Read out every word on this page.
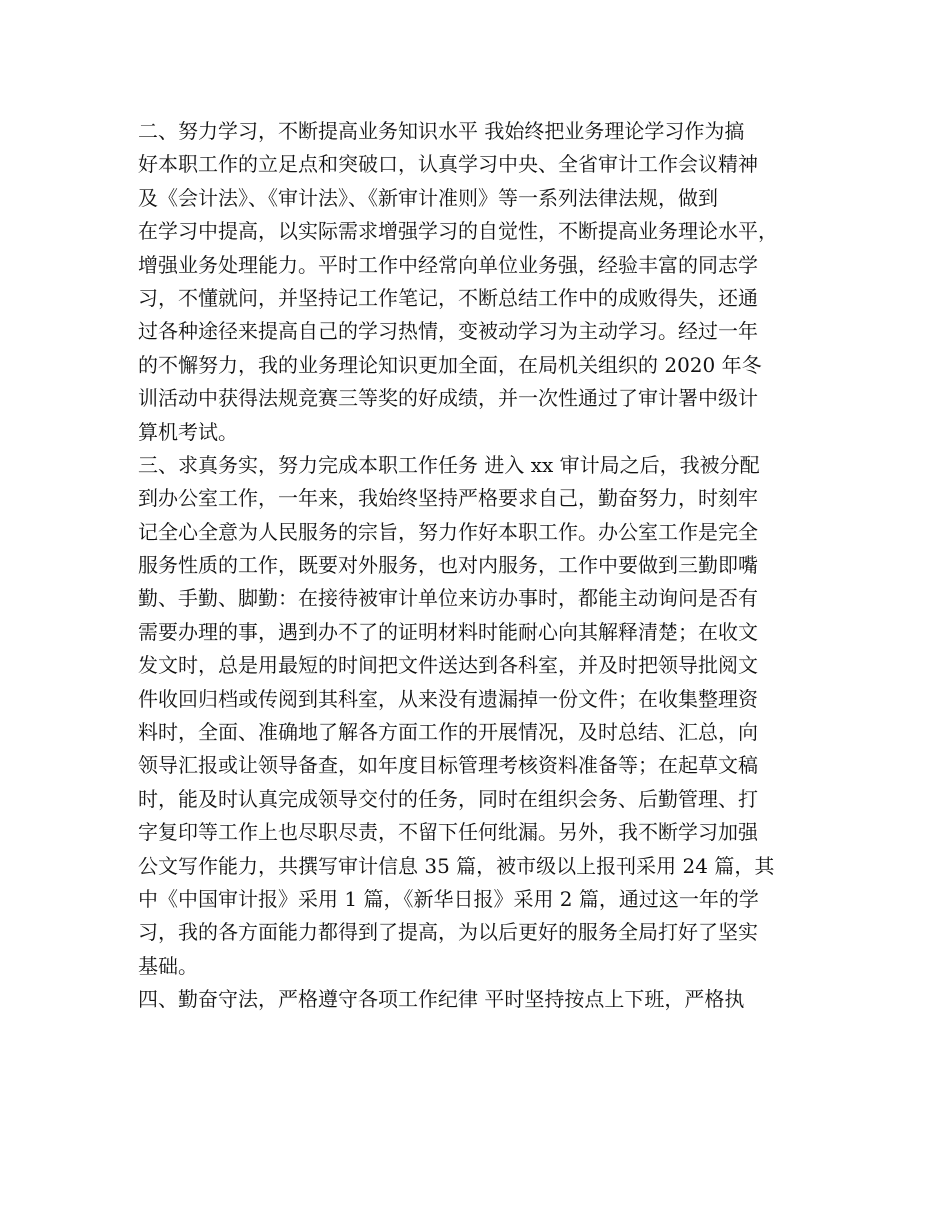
二、努力学习，不断提高业务知识水平 我始终把业务理论学习作为搞
好本职工作的立足点和突破口，认真学习中央、全省审计工作会议精神
及《会计法》、《审计法》、《新审计准则》等一系列法律法规，做到
在学习中提高，以实际需求增强学习的自觉性，不断提高业务理论水平，
增强业务处理能力。平时工作中经常向单位业务强，经验丰富的同志学
习，不懂就问，并坚持记工作笔记，不断总结工作中的成败得失，还通
过各种途径来提高自己的学习热情，变被动学习为主动学习。经过一年
的不懈努力，我的业务理论知识更加全面，在局机关组织的 2020 年冬
训活动中获得法规竞赛三等奖的好成绩，并一次性通过了审计署中级计
算机考试。
三、求真务实，努力完成本职工作任务 进入 xx 审计局之后，我被分配
到办公室工作，一年来，我始终坚持严格要求自己，勤奋努力，时刻牢
记全心全意为人民服务的宗旨，努力作好本职工作。办公室工作是完全
服务性质的工作，既要对外服务，也对内服务，工作中要做到三勤即嘴
勤、手勤、脚勤：在接待被审计单位来访办事时，都能主动询问是否有
需要办理的事，遇到办不了的证明材料时能耐心向其解释清楚；在收文
发文时，总是用最短的时间把文件送达到各科室，并及时把领导批阅文
件收回归档或传阅到其科室，从来没有遗漏掉一份文件；在收集整理资
料时，全面、准确地了解各方面工作的开展情况，及时总结、汇总，向
领导汇报或让领导备查，如年度目标管理考核资料准备等；在起草文稿
时，能及时认真完成领导交付的任务，同时在组织会务、后勤管理、打
字复印等工作上也尽职尽责，不留下任何纰漏。另外，我不断学习加强
公文写作能力，共撰写审计信息 35 篇，被市级以上报刊采用 24 篇，其
中《中国审计报》采用 1 篇，《新华日报》采用 2 篇，通过这一年的学
习，我的各方面能力都得到了提高，为以后更好的服务全局打好了坚实
基础。
四、勤奋守法，严格遵守各项工作纪律 平时坚持按点上下班，严格执
